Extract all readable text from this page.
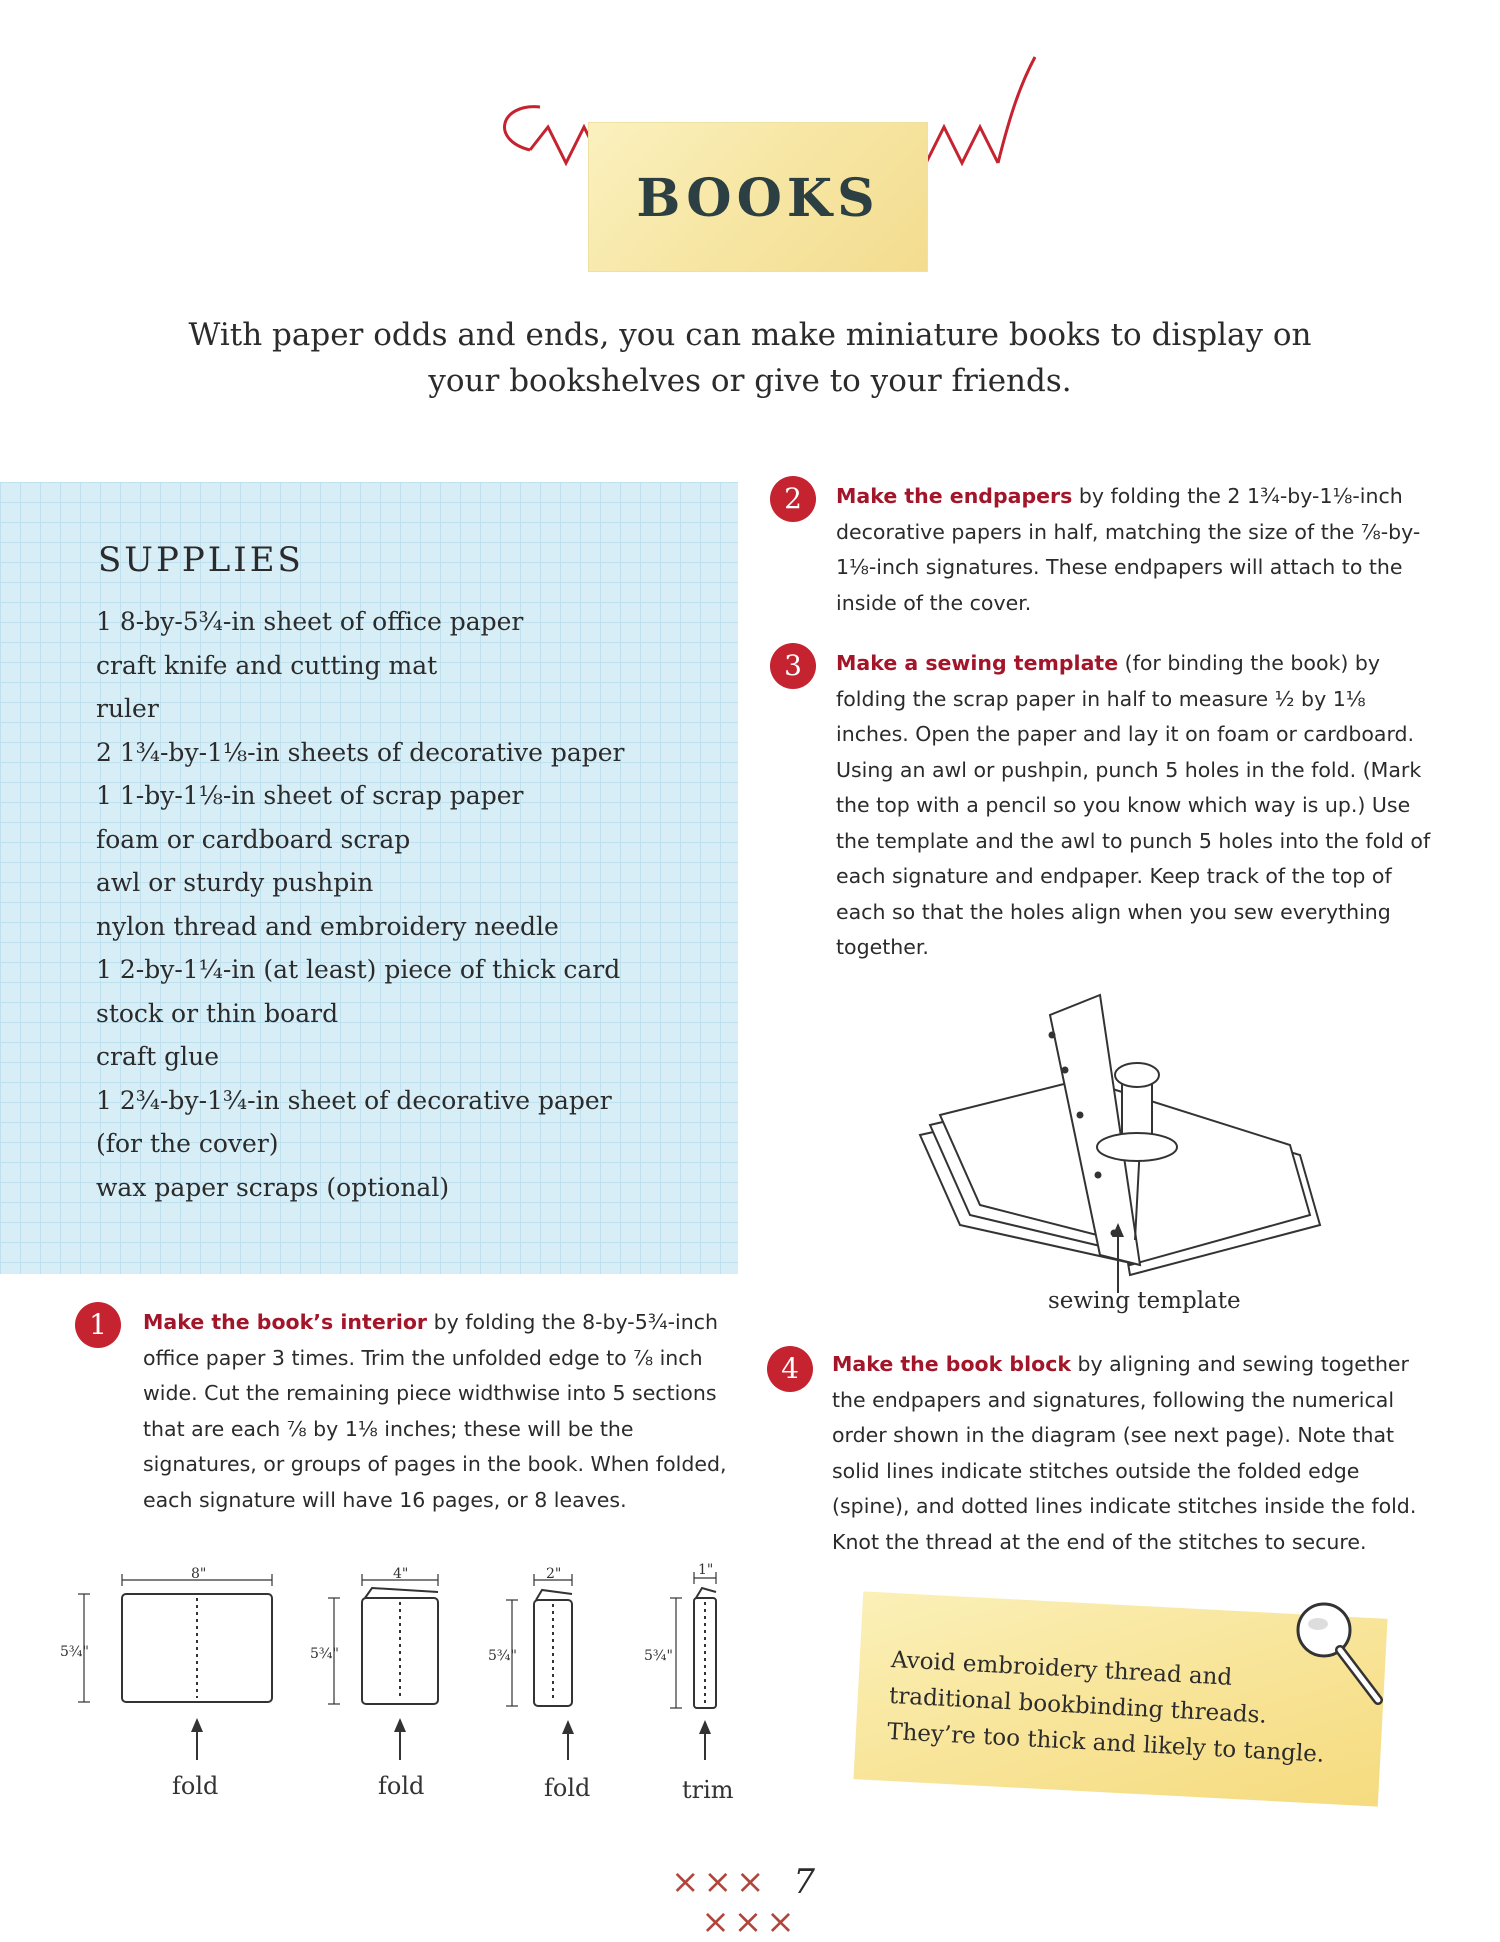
BOOKS
With paper odds and ends, you can make miniature books to display on your bookshelves or give to your friends.
SUPPLIES
1 8-by-5¾-in sheet of office paper
craft knife and cutting mat
ruler
2 1¾-by-1⅛-in sheets of decorative paper
1 1-by-1⅛-in sheet of scrap paper
foam or cardboard scrap
awl or sturdy pushpin
nylon thread and embroidery needle
1 2-by-1¼-in (at least) piece of thick card
stock or thin board
craft glue
1 2¾-by-1¾-in sheet of decorative paper
(for the cover)
wax paper scraps (optional)
1	Make the book’s interior by folding the 8-by-5¾-inch office paper 3 times. Trim the unfolded edge to ⅞ inch wide. Cut the remaining piece widthwise into 5 sections that are each ⅞ by 1⅛ inches; these will be the signatures, or groups of pages in the book. When folded, each signature will have 16 pages, or 8 leaves.

2	Make the endpapers by folding the 2 1¾-by-1⅛-inch decorative papers in half, matching the size of the ⅞-by-1⅛-inch signatures. These endpapers will attach to the inside of the cover.

3	Make a sewing template (for binding the book) by folding the scrap paper in half to measure ½ by 1⅛ inches. Open the paper and lay it on foam or cardboard. Using an awl or pushpin, punch 5 holes in the fold. (Mark the top with a pencil so you know which way is up.) Use the template and the awl to punch 5 holes into the fold of each signature and endpaper. Keep track of the top of each so that the holes align when you sew everything together.

4	Make the book block by aligning and sewing together the endpapers and signatures, following the numerical order shown in the diagram (see next page). Note that solid lines indicate stitches outside the folded edge (spine), and dotted lines indicate stitches inside the fold. Knot the thread at the end of the stitches to secure.

sewing template
8"
5¾"
fold
4"
5¾"
fold
2"
5¾"
fold
1"
5¾"
trim
Avoid embroidery thread and traditional bookbinding threads. They’re too thick and likely to tangle.
××× 7 ×××
